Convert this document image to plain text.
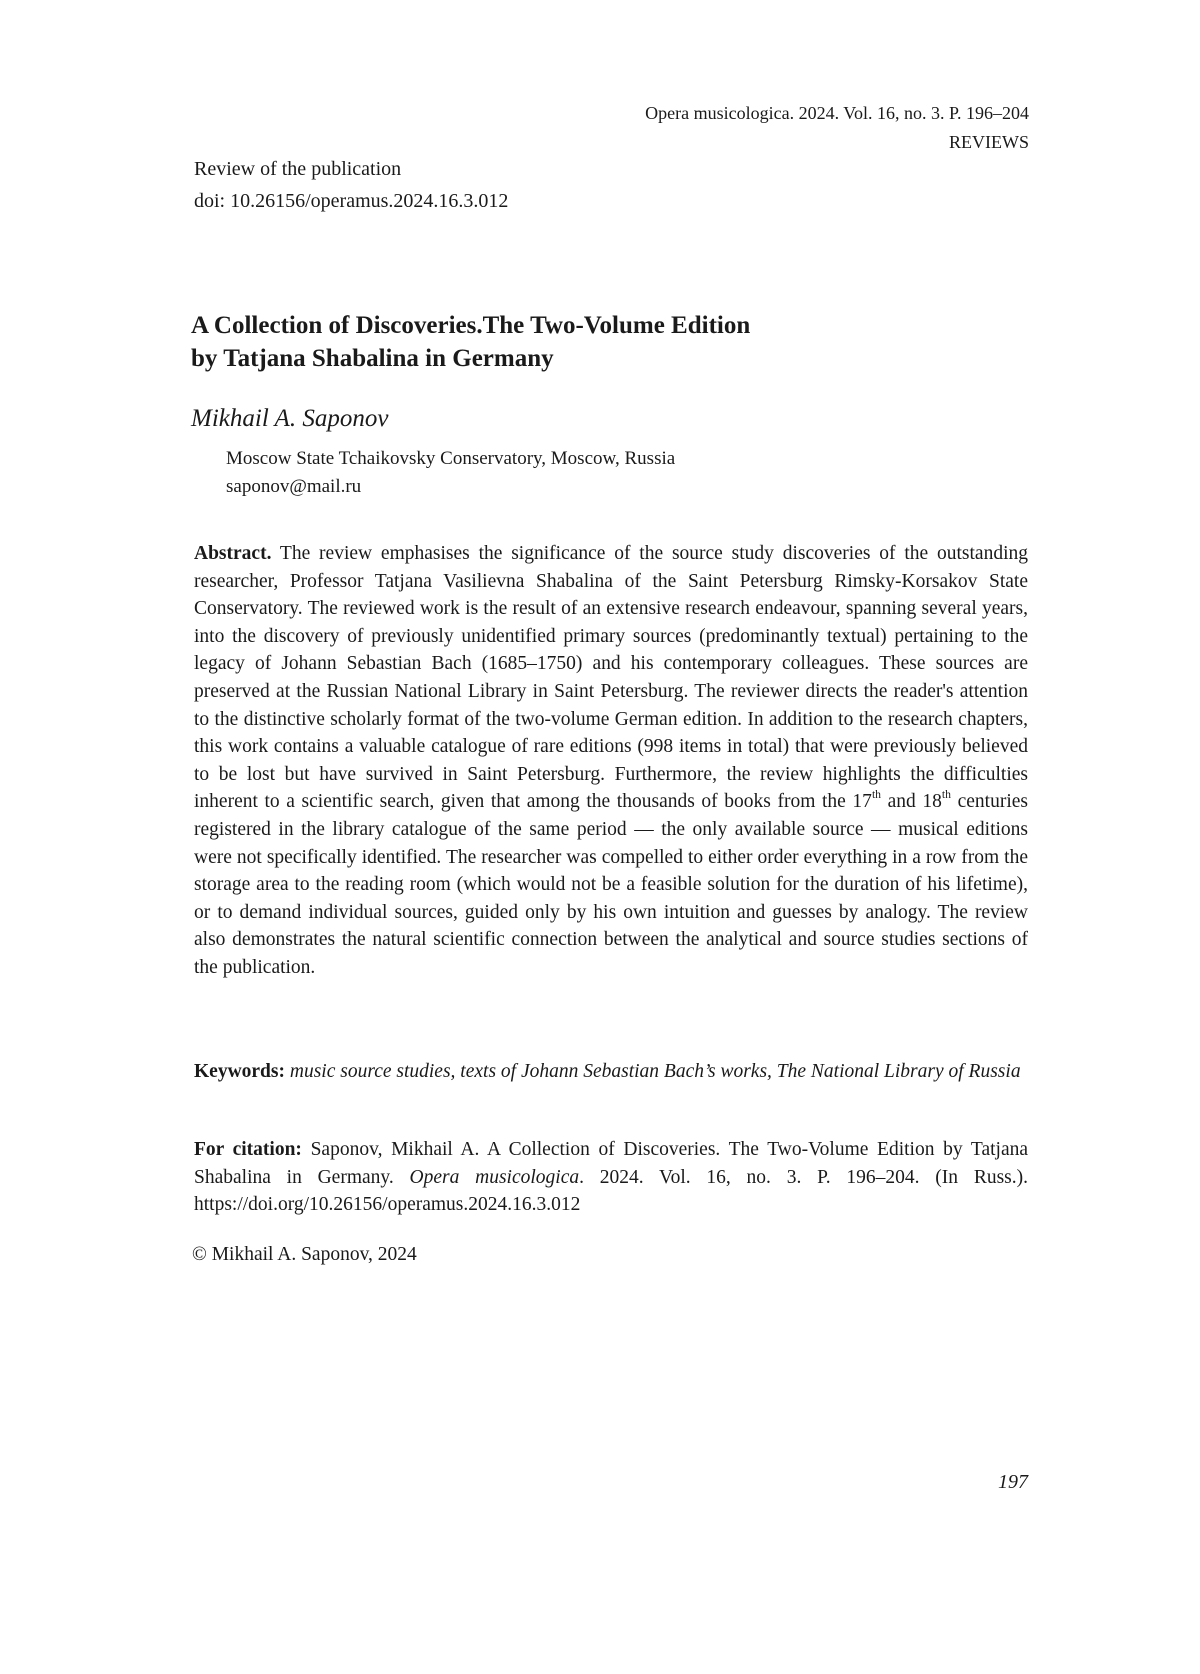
Opera musicologica. 2024. Vol. 16, no. 3. P. 196–204
REVIEWS
Review of the publication
doi: 10.26156/operamus.2024.16.3.012
A Collection of Discoveries.The Two-Volume Edition
by Tatjana Shabalina in Germany
Mikhail A. Saponov
Moscow State Tchaikovsky Conservatory, Moscow, Russia
saponov@mail.ru
Abstract. The review emphasises the significance of the source study discoveries of the outstanding researcher, Professor Tatjana Vasilievna Shabalina of the Saint Petersburg Rimsky-Korsakov State Conservatory. The reviewed work is the result of an extensive research endeavour, spanning several years, into the discovery of previously unidentified primary sources (predominantly textual) pertaining to the legacy of Johann Sebastian Bach (1685–1750) and his contemporary colleagues. These sources are preserved at the Russian National Library in Saint Petersburg. The reviewer directs the reader's attention to the distinctive scholarly format of the two-volume German edition. In addition to the research chapters, this work contains a valuable catalogue of rare editions (998 items in total) that were previously believed to be lost but have survived in Saint Petersburg. Furthermore, the review highlights the difficulties inherent to a scientific search, given that among the thousands of books from the 17th and 18th centuries registered in the library catalogue of the same period — the only available source — musical editions were not specifically identified. The researcher was compelled to either order everything in a row from the storage area to the reading room (which would not be a feasible solution for the duration of his lifetime), or to demand individual sources, guided only by his own intuition and guesses by analogy. The review also demonstrates the natural scientific connection between the analytical and source studies sections of the publication.
Keywords: music source studies, texts of Johann Sebastian Bach’s works, The National Library of Russia
For citation: Saponov, Mikhail A. A Collection of Discoveries. The Two-Volume Edition by Tatjana Shabalina in Germany. Opera musicologica. 2024. Vol. 16, no. 3. P. 196–204. (In Russ.). https://doi.org/10.26156/operamus.2024.16.3.012
© Mikhail A. Saponov, 2024
197
